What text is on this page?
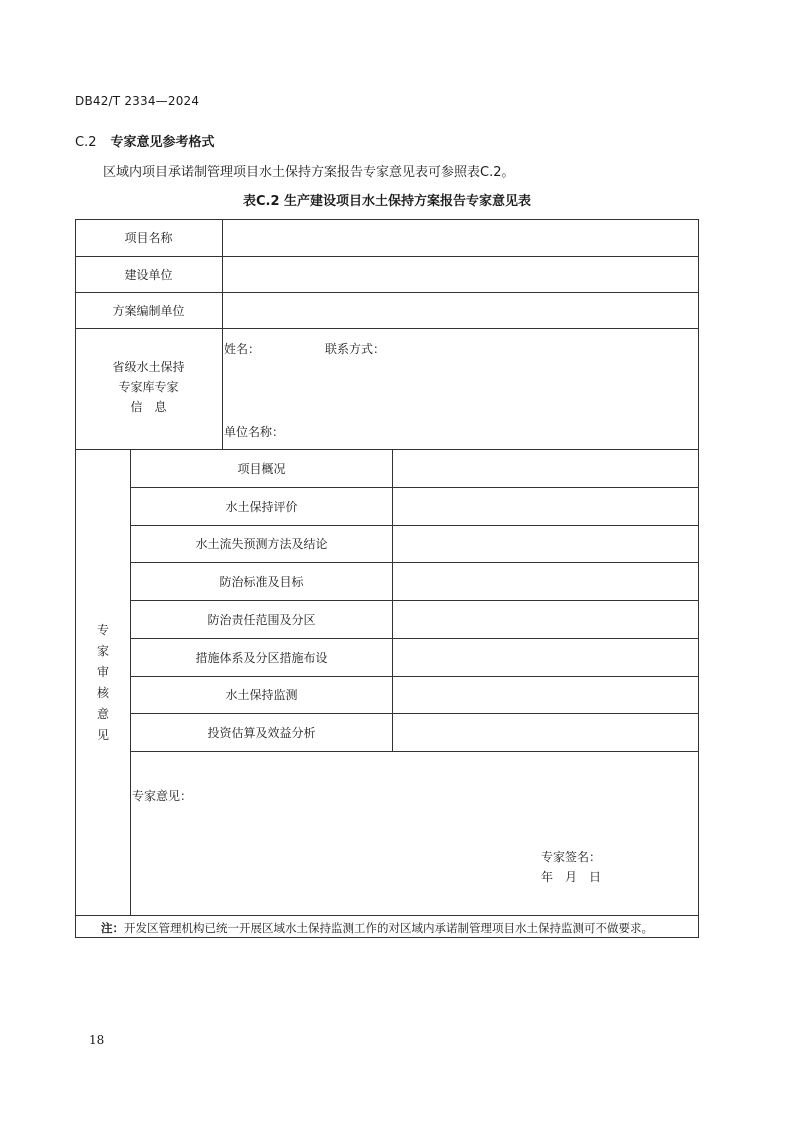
DB42/T 2334—2024
C.2 专家意见参考格式
区域内项目承诺制管理项目水土保持方案报告专家意见表可参照表C.2。
表C.2 生产建设项目水土保持方案报告专家意见表
项目名称
建设单位
方案编制单位
省级水土保持
专家库专家
信　息
姓名：	联系方式：
单位名称：
专
家
审
核
意
见
项目概况
水土保持评价
水土流失预测方法及结论
防治标准及目标
防治责任范围及分区
措施体系及分区措施布设
水土保持监测
投资估算及效益分析
专家意见：
专家签名：
年　月　日
注：开发区管理机构已统一开展区域水土保持监测工作的对区域内承诺制管理项目水土保持监测可不做要求。
18
